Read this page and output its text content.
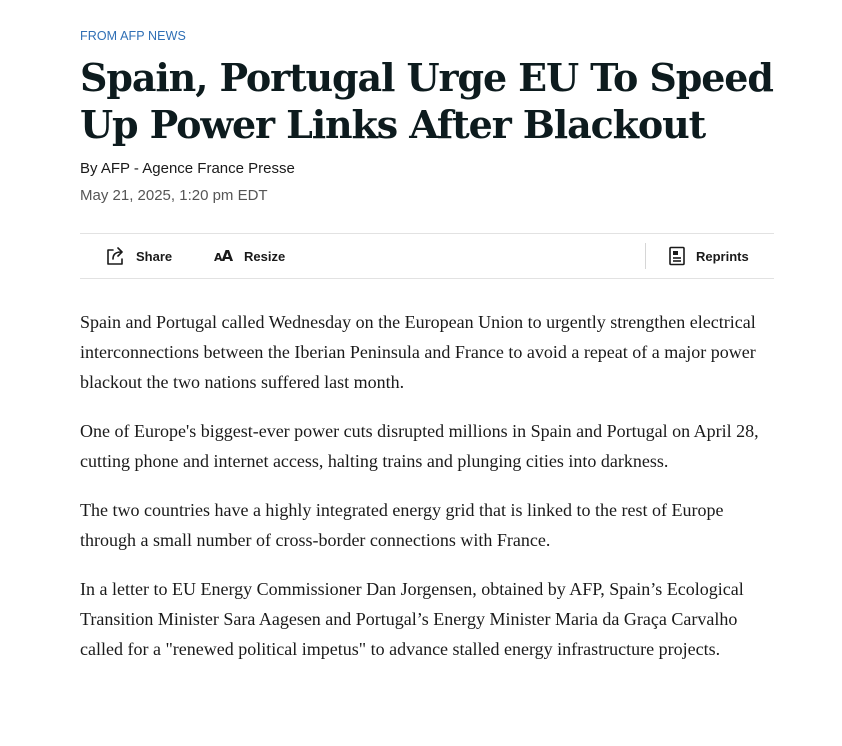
FROM AFP NEWS
Spain, Portugal Urge EU To Speed Up Power Links After Blackout
By AFP - Agence France Presse
May 21, 2025, 1:20 pm EDT
Share	AA Resize	Reprints

Spain and Portugal called Wednesday on the European Union to urgently strengthen electrical interconnections between the Iberian Peninsula and France to avoid a repeat of a major power blackout the two nations suffered last month.

One of Europe's biggest-ever power cuts disrupted millions in Spain and Portugal on April 28, cutting phone and internet access, halting trains and plunging cities into darkness.

The two countries have a highly integrated energy grid that is linked to the rest of Europe through a small number of cross-border connections with France.

In a letter to EU Energy Commissioner Dan Jorgensen, obtained by AFP, Spain’s Ecological Transition Minister Sara Aagesen and Portugal’s Energy Minister Maria da Graça Carvalho called for a "renewed political impetus" to advance stalled energy infrastructure projects.
